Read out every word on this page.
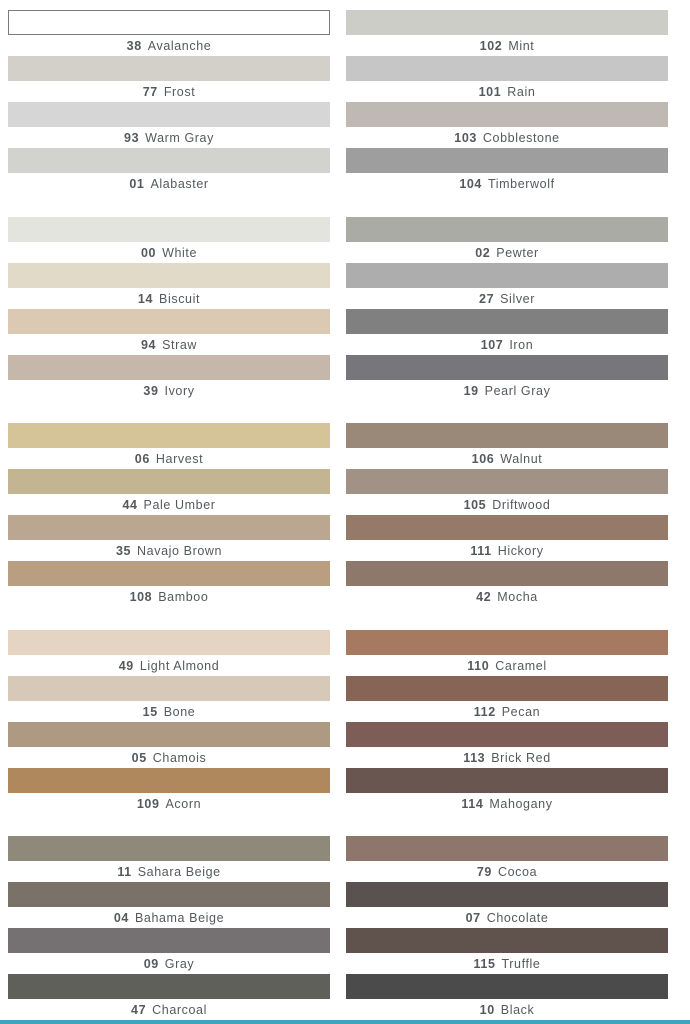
38 Avalanche
77 Frost
93 Warm Gray
01 Alabaster
00 White
14 Biscuit
94 Straw
39 Ivory
06 Harvest
44 Pale Umber
35 Navajo Brown
108 Bamboo
49 Light Almond
15 Bone
05 Chamois
109 Acorn
11 Sahara Beige
04 Bahama Beige
09 Gray
47 Charcoal
102 Mint
101 Rain
103 Cobblestone
104 Timberwolf
02 Pewter
27 Silver
107 Iron
19 Pearl Gray
106 Walnut
105 Driftwood
111 Hickory
42 Mocha
110 Caramel
112 Pecan
113 Brick Red
114 Mahogany
79 Cocoa
07 Chocolate
115 Truffle
10 Black
